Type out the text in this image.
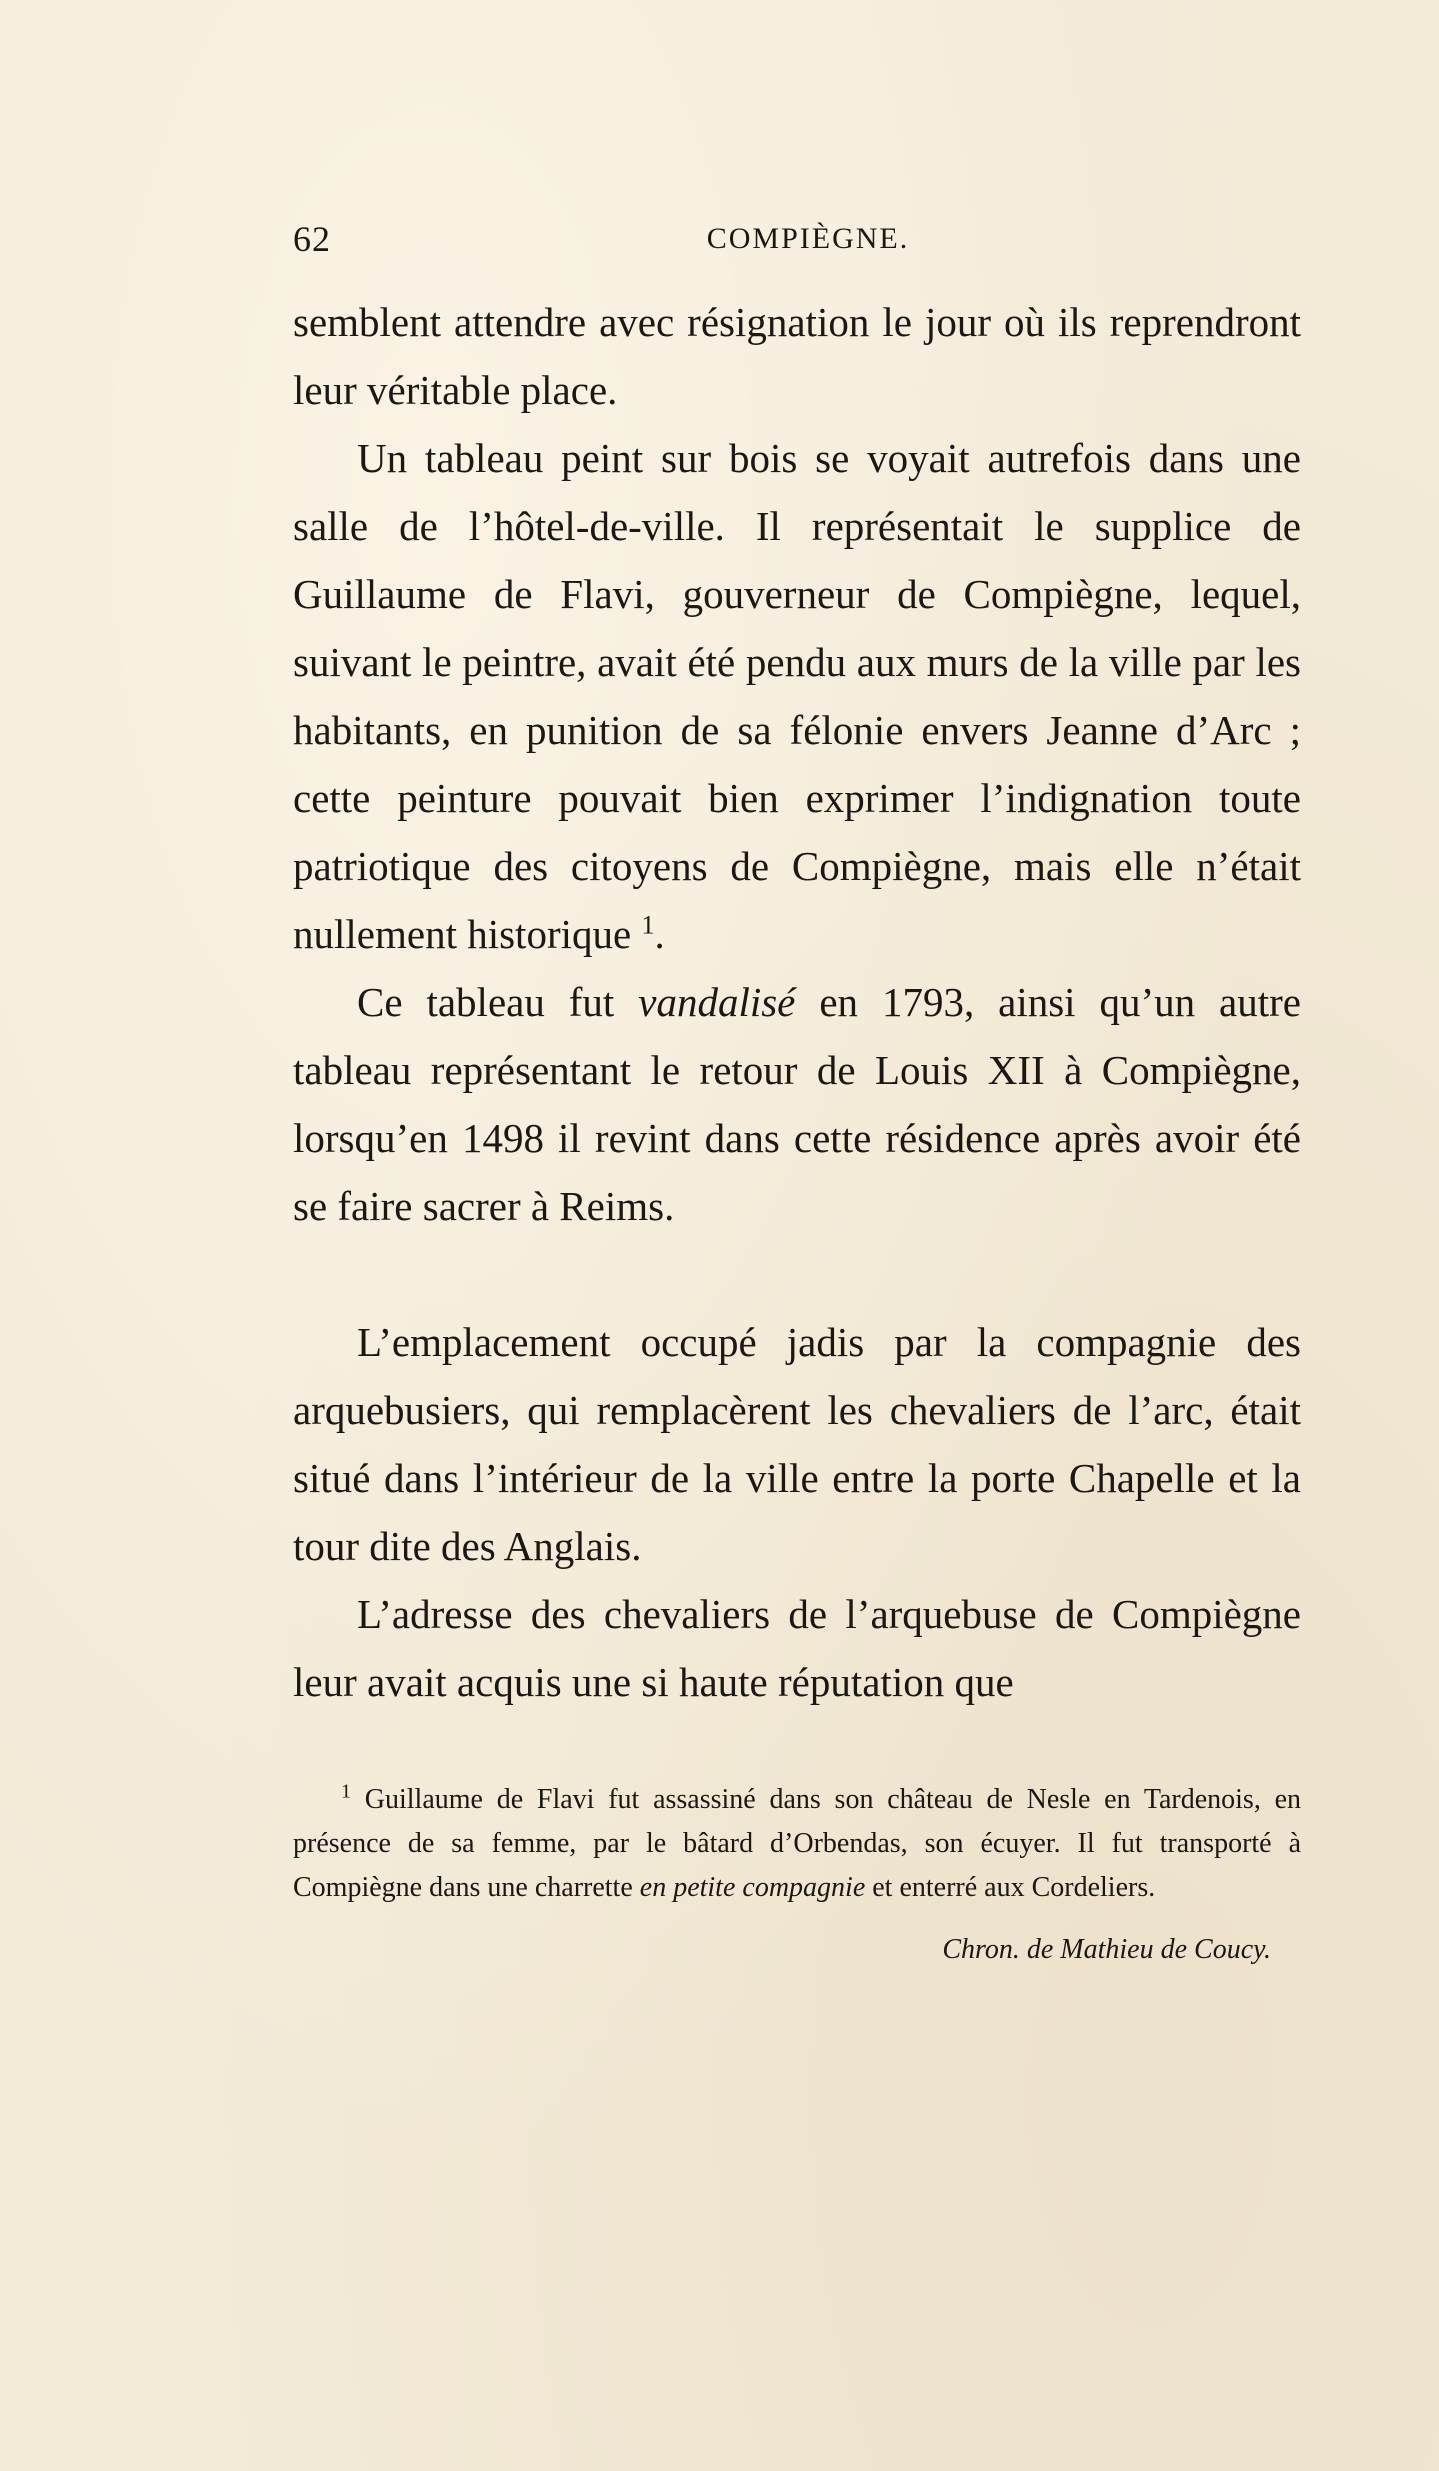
62	COMPIÈGNE.

semblent attendre avec résignation le jour où ils reprendront leur véritable place.

Un tableau peint sur bois se voyait autrefois dans une salle de l’hôtel-de-ville. Il représentait le supplice de Guillaume de Flavi, gouverneur de Compiègne, lequel, suivant le peintre, avait été pendu aux murs de la ville par les habitants, en punition de sa félonie envers Jeanne d’Arc ; cette peinture pouvait bien exprimer l’indignation toute patriotique des citoyens de Compiègne, mais elle n’était nullement historique $^1$.

Ce tableau fut vandalisé en 1793, ainsi qu’un autre tableau représentant le retour de Louis XII à Compiègne, lorsqu’en 1498 il revint dans cette résidence après avoir été se faire sacrer à Reims.

L’emplacement occupé jadis par la compagnie des arquebusiers, qui remplacèrent les chevaliers de l’arc, était situé dans l’intérieur de la ville entre la porte Chapelle et la tour dite des Anglais.

L’adresse des chevaliers de l’arquebuse de Compiègne leur avait acquis une si haute réputation que

$^1$ Guillaume de Flavi fut assassiné dans son château de Nesle en Tardenois, en présence de sa femme, par le bâtard d’Orbendas, son écuyer. Il fut transporté à Compiègne dans une charrette en petite compagnie et enterré aux Cordeliers.

Chron. de Mathieu de Coucy.
